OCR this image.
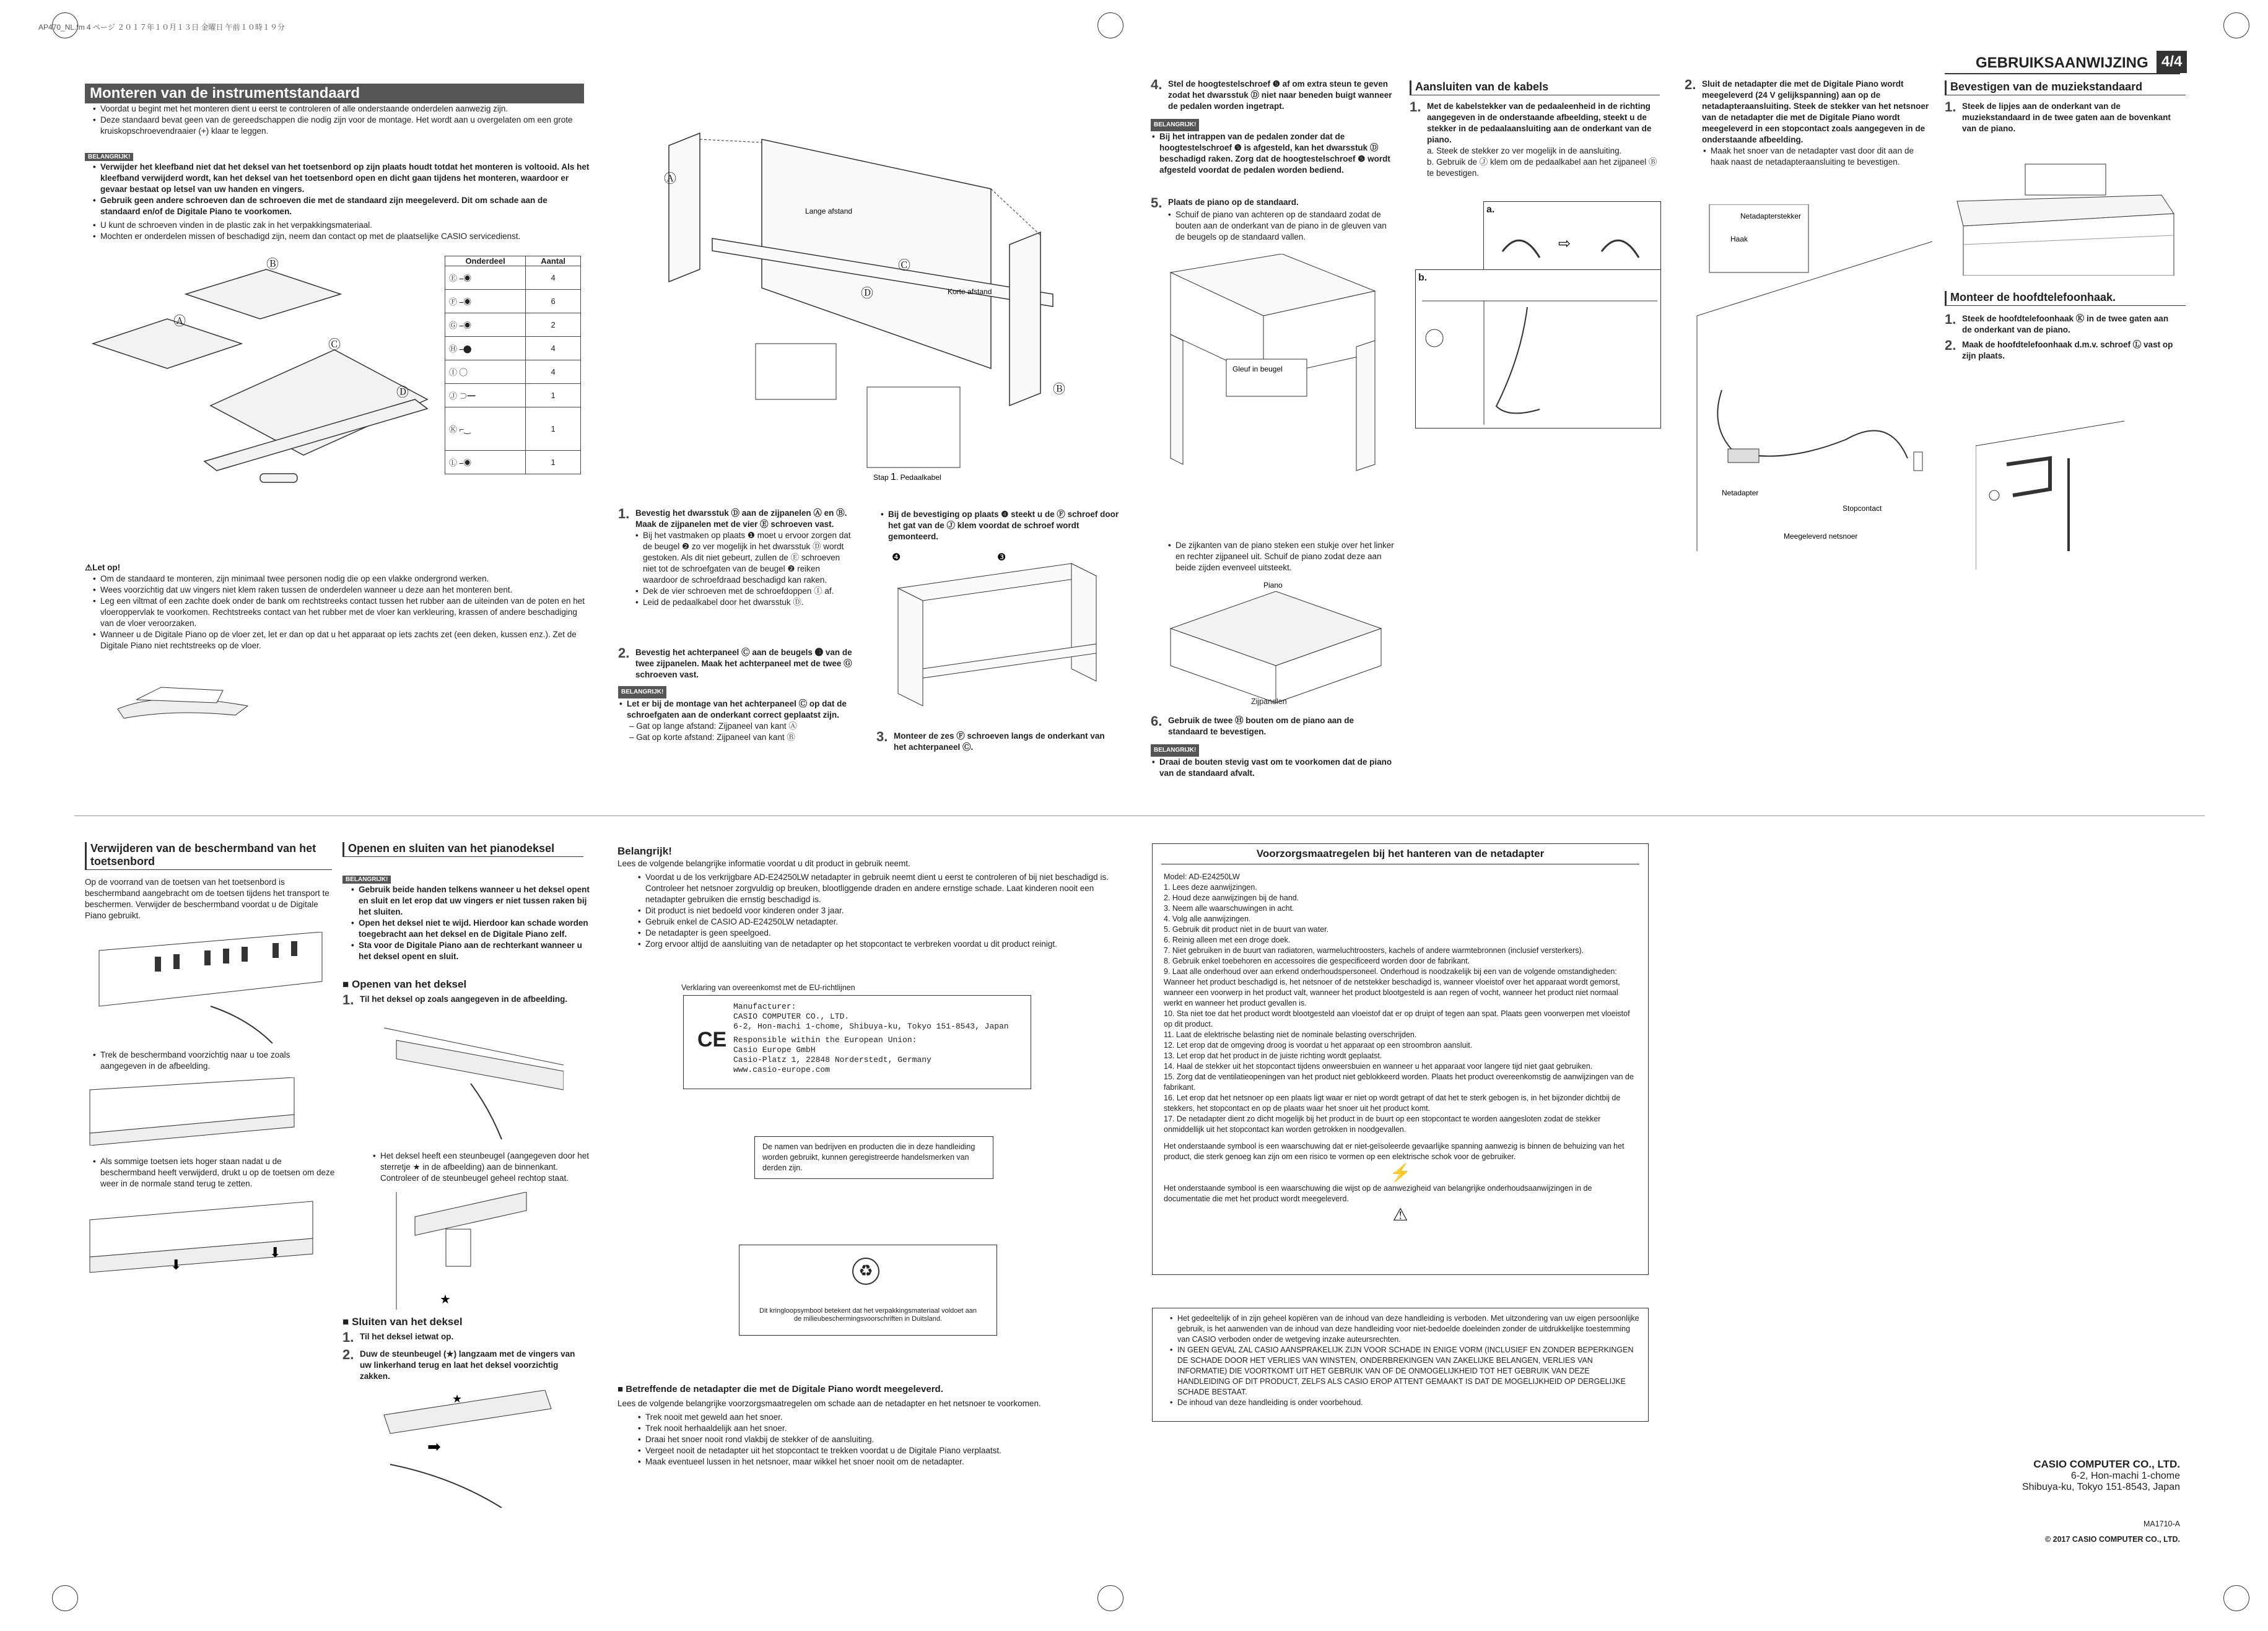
AP470_NL.fm 4 ページ ２０１７年１０月１３日 金曜日 午前１０時１９分
GEBRUIKSAANWIJZING 4/4
Monteren van de instrumentstandaard
• Voordat u begint met het monteren dient u eerst te controleren of alle onderstaande onderdelen aanwezig zijn.
• Deze standaard bevat geen van de gereedschappen die nodig zijn voor de montage. Het wordt aan u overgelaten om een grote kruiskopschroevendraaier (+) klaar te leggen.
BELANGRIJK!
• Verwijder het kleefband niet dat het deksel van het toetsenbord op zijn plaats houdt totdat het monteren is voltooid. Als het kleefband verwijderd wordt, kan het deksel van het toetsenbord open en dicht gaan tijdens het monteren, waardoor er gevaar bestaat op letsel van uw handen en vingers.
• Gebruik geen andere schroeven dan de schroeven die met de standaard zijn meegeleverd. Dit om schade aan de standaard en/of de Digitale Piano te voorkomen.
• U kunt de schroeven vinden in de plastic zak in het verpakkingsmateriaal.
• Mochten er onderdelen missen of beschadigd zijn, neem dan contact op met de plaatselijke CASIO servicedienst.
Ⓑ
Ⓐ
Ⓒ
Ⓓ
Onderdeel	Aantal
Ⓔ ⎯◉	4
Ⓕ ⎯◉	6
Ⓖ ⎯◉	2
Ⓗ ⎯⬤	4
Ⓘ ◯	4
Ⓙ ⊃━	1
Ⓚ ⌐‿	1
Ⓛ ⎯◉	1
⚠Let op!
• Om de standaard te monteren, zijn minimaal twee personen nodig die op een vlakke ondergrond werken.
• Wees voorzichtig dat uw vingers niet klem raken tussen de onderdelen wanneer u deze aan het monteren bent.
• Leg een viltmat of een zachte doek onder de bank om rechtstreeks contact tussen het rubber aan de uiteinden van de poten en het vloeroppervlak te voorkomen. Rechtstreeks contact van het rubber met de vloer kan verkleuring, krassen of andere beschadiging van de vloer veroorzaken.
• Wanneer u de Digitale Piano op de vloer zet, let er dan op dat u het apparaat op iets zachts zet (een deken, kussen enz.). Zet de Digitale Piano niet rechtstreeks op de vloer.
Ⓐ
Ⓒ
Ⓓ
Ⓑ
Lange afstand
Korte afstand
Stap 1. Pedaalkabel
1. Bevestig het dwarsstuk Ⓓ aan de zijpanelen Ⓐ en Ⓑ. Maak de zijpanelen met de vier Ⓔ schroeven vast.
• Bij het vastmaken op plaats ❶ moet u ervoor zorgen dat de beugel ❷ zo ver mogelijk in het dwarsstuk Ⓓ wordt gestoken. Als dit niet gebeurt, zullen de Ⓔ schroeven niet tot de schroefgaten van de beugel ❷ reiken waardoor de schroefdraad beschadigd kan raken.
• Dek de vier schroeven met de schroefdoppen Ⓘ af.
• Leid de pedaalkabel door het dwarsstuk Ⓓ.
2. Bevestig het achterpaneel Ⓒ aan de beugels ❸ van de twee zijpanelen. Maak het achterpaneel met de twee Ⓖ schroeven vast.
BELANGRIJK!
• Let er bij de montage van het achterpaneel Ⓒ op dat de schroefgaten aan de onderkant correct geplaatst zijn.
– Gat op lange afstand: Zijpaneel van kant Ⓐ
– Gat op korte afstand: Zijpaneel van kant Ⓑ
• Bij de bevestiging op plaats ❹ steekt u de Ⓕ schroef door het gat van de Ⓙ klem voordat de schroef wordt gemonteerd.
❹	❸
3. Monteer de zes Ⓕ schroeven langs de onderkant van het achterpaneel Ⓒ.
4. Stel de hoogtestelschroef ❺ af om extra steun te geven zodat het dwarsstuk Ⓓ niet naar beneden buigt wanneer de pedalen worden ingetrapt.
BELANGRIJK!
• Bij het intrappen van de pedalen zonder dat de hoogtestelschroef ❺ is afgesteld, kan het dwarsstuk Ⓓ beschadigd raken. Zorg dat de hoogtestelschroef ❺ wordt afgesteld voordat de pedalen worden bediend.
5. Plaats de piano op de standaard.
• Schuif de piano van achteren op de standaard zodat de bouten aan de onderkant van de piano in de gleuven van de beugels op de standaard vallen.
Gleuf in beugel
• De zijkanten van de piano steken een stukje over het linker en rechter zijpaneel uit. Schuif de piano zodat deze aan beide zijden evenveel uitsteekt.
Piano
Zijpanelen
6. Gebruik de twee Ⓗ bouten om de piano aan de standaard te bevestigen.
BELANGRIJK!
• Draai de bouten stevig vast om te voorkomen dat de piano van de standaard afvalt.
Aansluiten van de kabels
1. Met de kabelstekker van de pedaaleenheid in de richting aangegeven in de onderstaande afbeelding, steekt u de stekker in de pedaalaansluiting aan de onderkant van de piano.
a. Steek de stekker zo ver mogelijk in de aansluiting.
b. Gebruik de Ⓙ klem om de pedaalkabel aan het zijpaneel Ⓑ te bevestigen.
a.
⇨
b.
2. Sluit de netadapter die met de Digitale Piano wordt meegeleverd (24 V gelijkspanning) aan op de netadapteraansluiting. Steek de stekker van het netsnoer van de netadapter die met de Digitale Piano wordt meegeleverd in een stopcontact zoals aangegeven in de onderstaande afbeelding.
• Maak het snoer van de netadapter vast door dit aan de haak naast de netadapteraansluiting te bevestigen.
Netadapterstekker
Haak
Netadapter
Stopcontact
Meegeleverd netsnoer
Bevestigen van de muziekstandaard
1. Steek de lipjes aan de onderkant van de muziekstandaard in de twee gaten aan de bovenkant van de piano.
Monteer de hoofdtelefoonhaak.
1. Steek de hoofdtelefoonhaak Ⓚ in de twee gaten aan de onderkant van de piano.
2. Maak de hoofdtelefoonhaak d.m.v. schroef Ⓛ vast op zijn plaats.
Verwijderen van de beschermband van het toetsenbord
Op de voorrand van de toetsen van het toetsenbord is beschermband aangebracht om de toetsen tijdens het transport te beschermen. Verwijder de beschermband voordat u de Digitale Piano gebruikt.
• Trek de beschermband voorzichtig naar u toe zoals aangegeven in de afbeelding.
• Als sommige toetsen iets hoger staan nadat u de beschermband heeft verwijderd, drukt u op de toetsen om deze weer in de normale stand terug te zetten.
⬇
⬇
Openen en sluiten van het pianodeksel
BELANGRIJK!
• Gebruik beide handen telkens wanneer u het deksel opent en sluit en let erop dat uw vingers er niet tussen raken bij het sluiten.
• Open het deksel niet te wijd. Hierdoor kan schade worden toegebracht aan het deksel en de Digitale Piano zelf.
• Sta voor de Digitale Piano aan de rechterkant wanneer u het deksel opent en sluit.
■ Openen van het deksel
1. Til het deksel op zoals aangegeven in de afbeelding.
• Het deksel heeft een steunbeugel (aangegeven door het sterretje ★ in de afbeelding) aan de binnenkant. Controleer of de steunbeugel geheel rechtop staat.
★
■ Sluiten van het deksel
1. Til het deksel ietwat op.
2. Duw de steunbeugel (★) langzaam met de vingers van uw linkerhand terug en laat het deksel voorzichtig zakken.
★
➡
Belangrijk!
Lees de volgende belangrijke informatie voordat u dit product in gebruik neemt.
• Voordat u de los verkrijgbare AD-E24250LW netadapter in gebruik neemt dient u eerst te controleren of bij niet beschadigd is. Controleer het netsnoer zorgvuldig op breuken, blootliggende draden en andere ernstige schade. Laat kinderen nooit een netadapter gebruiken die ernstig beschadigd is.
• Dit product is niet bedoeld voor kinderen onder 3 jaar.
• Gebruik enkel de CASIO AD-E24250LW netadapter.
• De netadapter is geen speelgoed.
• Zorg ervoor altijd de aansluiting van de netadapter op het stopcontact te verbreken voordat u dit product reinigt.
Verklaring van overeenkomst met de EU-richtlijnen
CE
Manufacturer:
CASIO COMPUTER CO., LTD.
6-2, Hon-machi 1-chome, Shibuya-ku, Tokyo 151-8543, Japan
Responsible within the European Union:
Casio Europe GmbH
Casio-Platz 1, 22848 Norderstedt, Germany
www.casio-europe.com
De namen van bedrijven en producten die in deze handleiding worden gebruikt, kunnen geregistreerde handelsmerken van derden zijn.
♻
Dit kringloopsymbool betekent dat het verpakkingsmateriaal voldoet aan de milieubeschermingsvoorschriften in Duitsland.
■ Betreffende de netadapter die met de Digitale Piano wordt meegeleverd.
Lees de volgende belangrijke voorzorgsmaatregelen om schade aan de netadapter en het netsnoer te voorkomen.
• Trek nooit met geweld aan het snoer.
• Trek nooit herhaaldelijk aan het snoer.
• Draai het snoer nooit rond vlakbij de stekker of de aansluiting.
• Vergeet nooit de netadapter uit het stopcontact te trekken voordat u de Digitale Piano verplaatst.
• Maak eventueel lussen in het netsnoer, maar wikkel het snoer nooit om de netadapter.
Voorzorgsmaatregelen bij het hanteren van de netadapter
Model: AD-E24250LW
1. Lees deze aanwijzingen.
2. Houd deze aanwijzingen bij de hand.
3. Neem alle waarschuwingen in acht.
4. Volg alle aanwijzingen.
5. Gebruik dit product niet in de buurt van water.
6. Reinig alleen met een droge doek.
7. Niet gebruiken in de buurt van radiatoren, warmeluchtroosters, kachels of andere warmtebronnen (inclusief versterkers).
8. Gebruik enkel toebehoren en accessoires die gespecificeerd worden door de fabrikant.
9. Laat alle onderhoud over aan erkend onderhoudspersoneel. Onderhoud is noodzakelijk bij een van de volgende omstandigheden: Wanneer het product beschadigd is, het netsnoer of de netstekker beschadigd is, wanneer vloeistof over het apparaat wordt gemorst, wanneer een voorwerp in het product valt, wanneer het product blootgesteld is aan regen of vocht, wanneer het product niet normaal werkt en wanneer het product gevallen is.
10. Sta niet toe dat het product wordt blootgesteld aan vloeistof dat er op druipt of tegen aan spat. Plaats geen voorwerpen met vloeistof op dit product.
11. Laat de elektrische belasting niet de nominale belasting overschrijden.
12. Let erop dat de omgeving droog is voordat u het apparaat op een stroombron aansluit.
13. Let erop dat het product in de juiste richting wordt geplaatst.
14. Haal de stekker uit het stopcontact tijdens onweersbuien en wanneer u het apparaat voor langere tijd niet gaat gebruiken.
15. Zorg dat de ventilatieopeningen van het product niet geblokkeerd worden. Plaats het product overeenkomstig de aanwijzingen van de fabrikant.
16. Let erop dat het netsnoer op een plaats ligt waar er niet op wordt getrapt of dat het te sterk gebogen is, in het bijzonder dichtbij de stekkers, het stopcontact en op de plaats waar het snoer uit het product komt.
17. De netadapter dient zo dicht mogelijk bij het product in de buurt op een stopcontact te worden aangesloten zodat de stekker onmiddellijk uit het stopcontact kan worden getrokken in noodgevallen.
Het onderstaande symbool is een waarschuwing dat er niet-geïsoleerde gevaarlijke spanning aanwezig is binnen de behuizing van het product, die sterk genoeg kan zijn om een risico te vormen op een elektrische schok voor de gebruiker.
⚡
Het onderstaande symbool is een waarschuwing die wijst op de aanwezigheid van belangrijke onderhoudsaanwijzingen in de documentatie die met het product wordt meegeleverd.
⚠
• Het gedeeltelijk of in zijn geheel kopiëren van de inhoud van deze handleiding is verboden. Met uitzondering van uw eigen persoonlijke gebruik, is het aanwenden van de inhoud van deze handleiding voor niet-bedoelde doeleinden zonder de uitdrukkelijke toestemming van CASIO verboden onder de wetgeving inzake auteursrechten.
• IN GEEN GEVAL ZAL CASIO AANSPRAKELIJK ZIJN VOOR SCHADE IN ENIGE VORM (INCLUSIEF EN ZONDER BEPERKINGEN DE SCHADE DOOR HET VERLIES VAN WINSTEN, ONDERBREKINGEN VAN ZAKELIJKE BELANGEN, VERLIES VAN INFORMATIE) DIE VOORTKOMT UIT HET GEBRUIK VAN OF DE ONMOGELIJKHEID TOT HET GEBRUIK VAN DEZE HANDLEIDING OF DIT PRODUCT, ZELFS ALS CASIO EROP ATTENT GEMAAKT IS DAT DE MOGELIJKHEID OP DERGELIJKE SCHADE BESTAAT.
• De inhoud van deze handleiding is onder voorbehoud.
CASIO COMPUTER CO., LTD.
6-2, Hon-machi 1-chome
Shibuya-ku, Tokyo 151-8543, Japan
MA1710-A
© 2017 CASIO COMPUTER CO., LTD.
